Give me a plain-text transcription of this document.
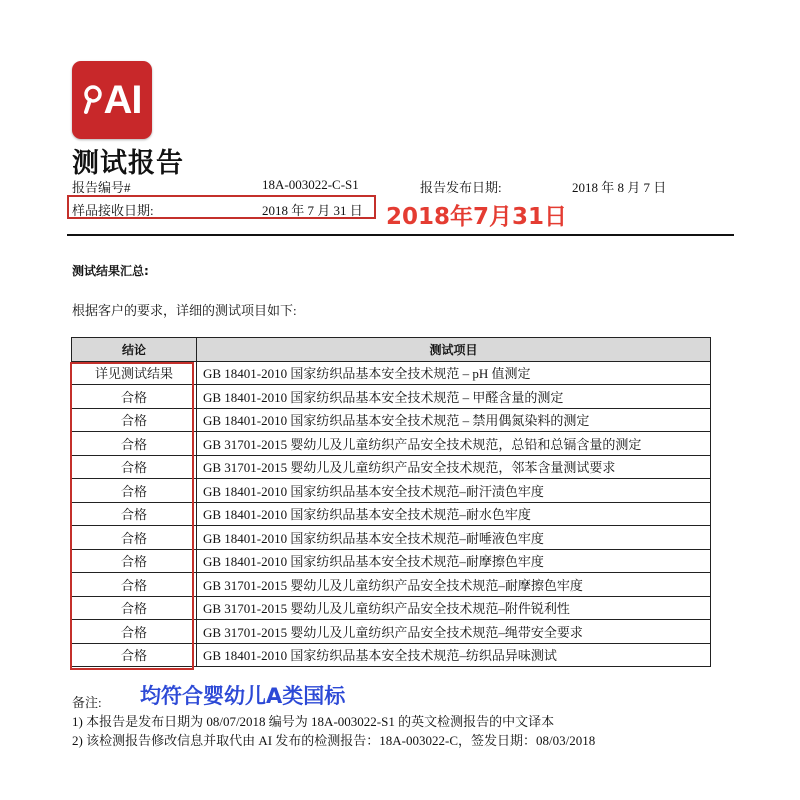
AI
测试报告
报告编号#	18A-003022-C-S1	报告发布日期:	2018 年 8 月 7 日
样品接收日期:	2018 年 7 月 31 日 2018年7月31日
测试结果汇总:
根据客户的要求，详细的测试项目如下:
结论	测试项目
详见测试结果	GB 18401-2010 国家纺织品基本安全技术规范 – pH 值测定
合格	GB 18401-2010 国家纺织品基本安全技术规范 – 甲醛含量的测定
合格	GB 18401-2010 国家纺织品基本安全技术规范 – 禁用偶氮染料的测定
合格	GB 31701-2015 婴幼儿及儿童纺织产品安全技术规范，总铅和总镉含量的测定
合格	GB 31701-2015 婴幼儿及儿童纺织产品安全技术规范，邻苯含量测试要求
合格	GB 18401-2010 国家纺织品基本安全技术规范–耐汗渍色牢度
合格	GB 18401-2010 国家纺织品基本安全技术规范–耐水色牢度
合格	GB 18401-2010 国家纺织品基本安全技术规范–耐唾液色牢度
合格	GB 18401-2010 国家纺织品基本安全技术规范–耐摩擦色牢度
合格	GB 31701-2015 婴幼儿及儿童纺织产品安全技术规范–耐摩擦色牢度
合格	GB 31701-2015 婴幼儿及儿童纺织产品安全技术规范–附件锐利性
合格	GB 31701-2015 婴幼儿及儿童纺织产品安全技术规范–绳带安全要求
合格	GB 18401-2010 国家纺织品基本安全技术规范–纺织品异味测试
备注: 均符合婴幼儿A类国标
1) 本报告是发布日期为 08/07/2018 编号为 18A-003022-S1 的英文检测报告的中文译本
2) 该检测报告修改信息并取代由 AI 发布的检测报告：18A-003022-C，签发日期：08/03/2018
